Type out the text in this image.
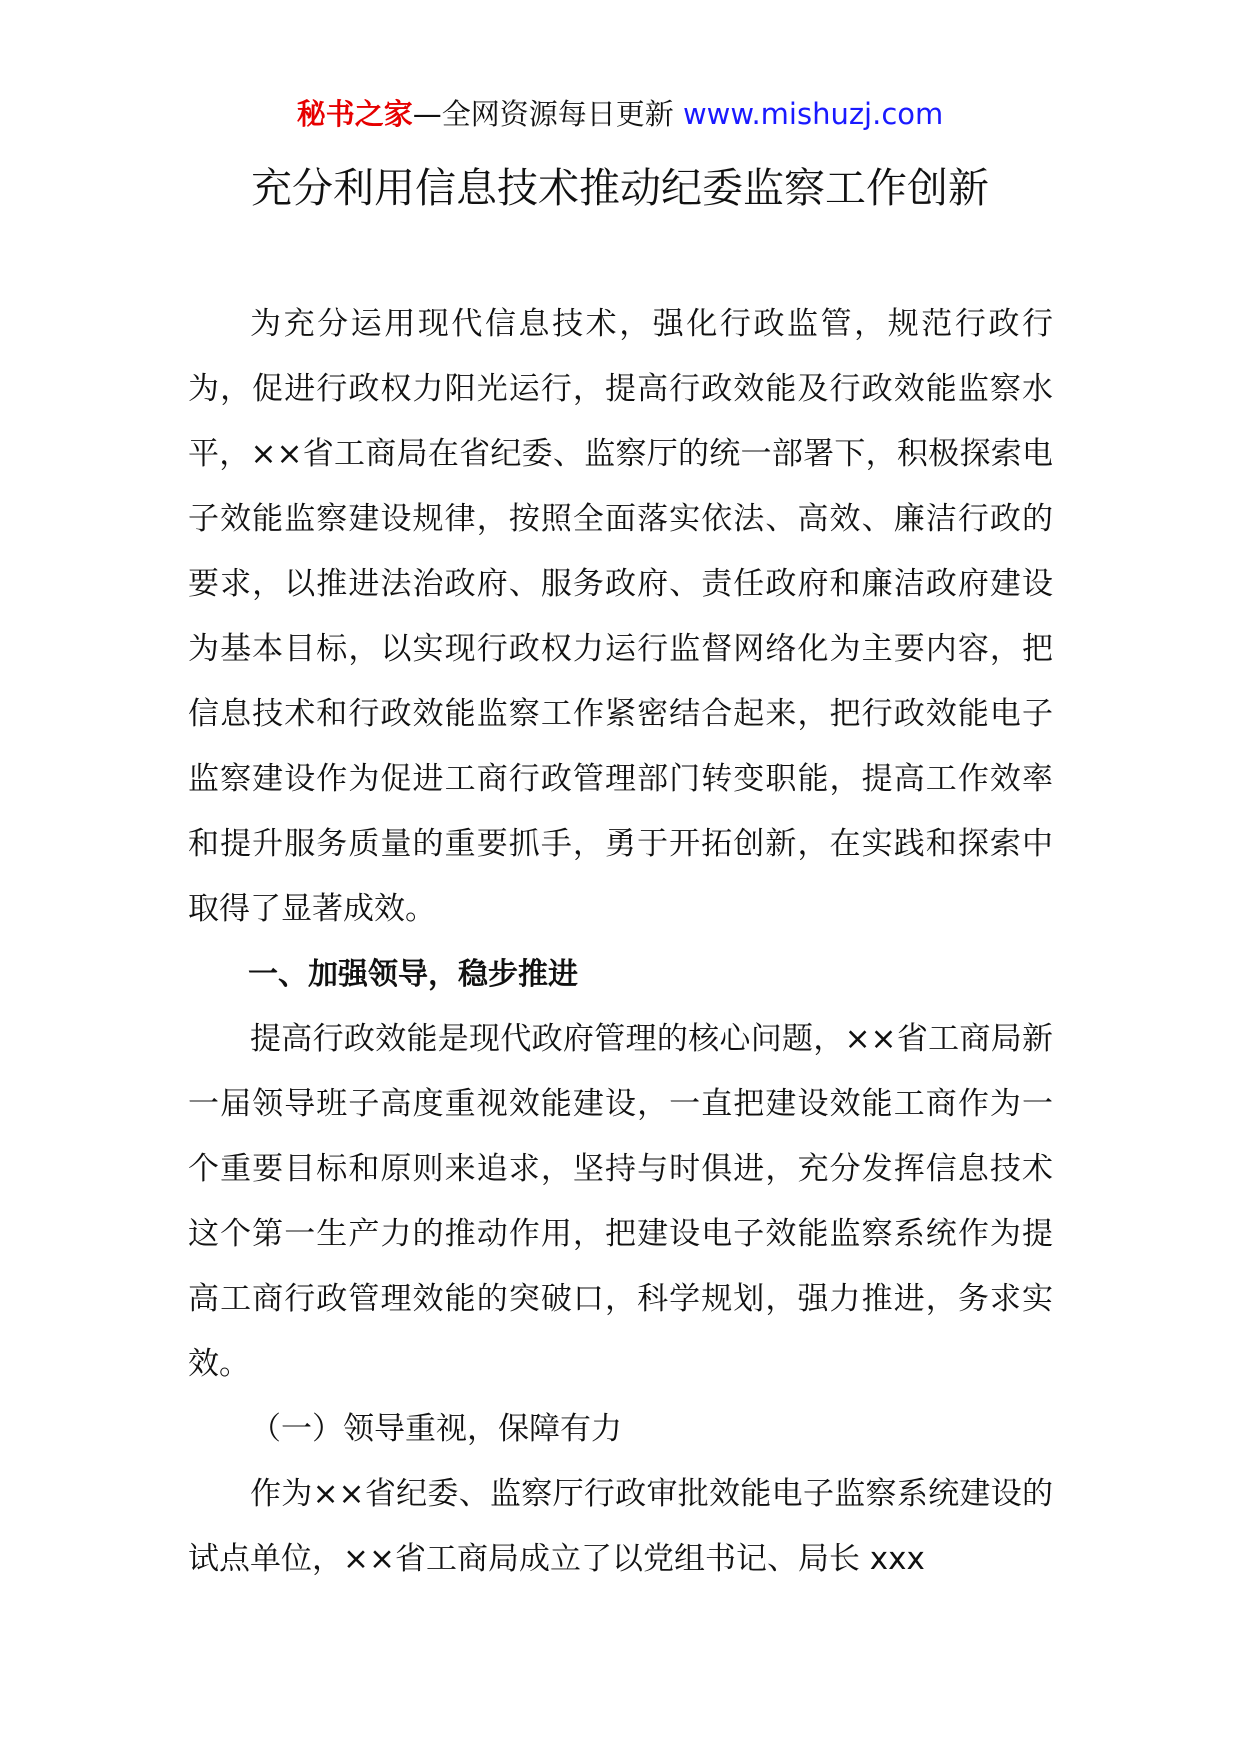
秘书之家—全网资源每日更新 www.mishuzj.com
充分利用信息技术推动纪委监察工作创新

为充分运用现代信息技术，强化行政监管，规范行政行为，促进行政权力阳光运行，提高行政效能及行政效能监察水平，××省工商局在省纪委、监察厅的统一部署下，积极探索电子效能监察建设规律，按照全面落实依法、高效、廉洁行政的要求，以推进法治政府、服务政府、责任政府和廉洁政府建设为基本目标，以实现行政权力运行监督网络化为主要内容，把信息技术和行政效能监察工作紧密结合起来，把行政效能电子监察建设作为促进工商行政管理部门转变职能，提高工作效率和提升服务质量的重要抓手，勇于开拓创新，在实践和探索中取得了显著成效。

一、加强领导，稳步推进

提高行政效能是现代政府管理的核心问题，××省工商局新一届领导班子高度重视效能建设，一直把建设效能工商作为一个重要目标和原则来追求，坚持与时俱进，充分发挥信息技术这个第一生产力的推动作用，把建设电子效能监察系统作为提高工商行政管理效能的突破口，科学规划，强力推进，务求实效。

（一）领导重视，保障有力

作为××省纪委、监察厅行政审批效能电子监察系统建设的试点单位，××省工商局成立了以党组书记、局长 xxx
